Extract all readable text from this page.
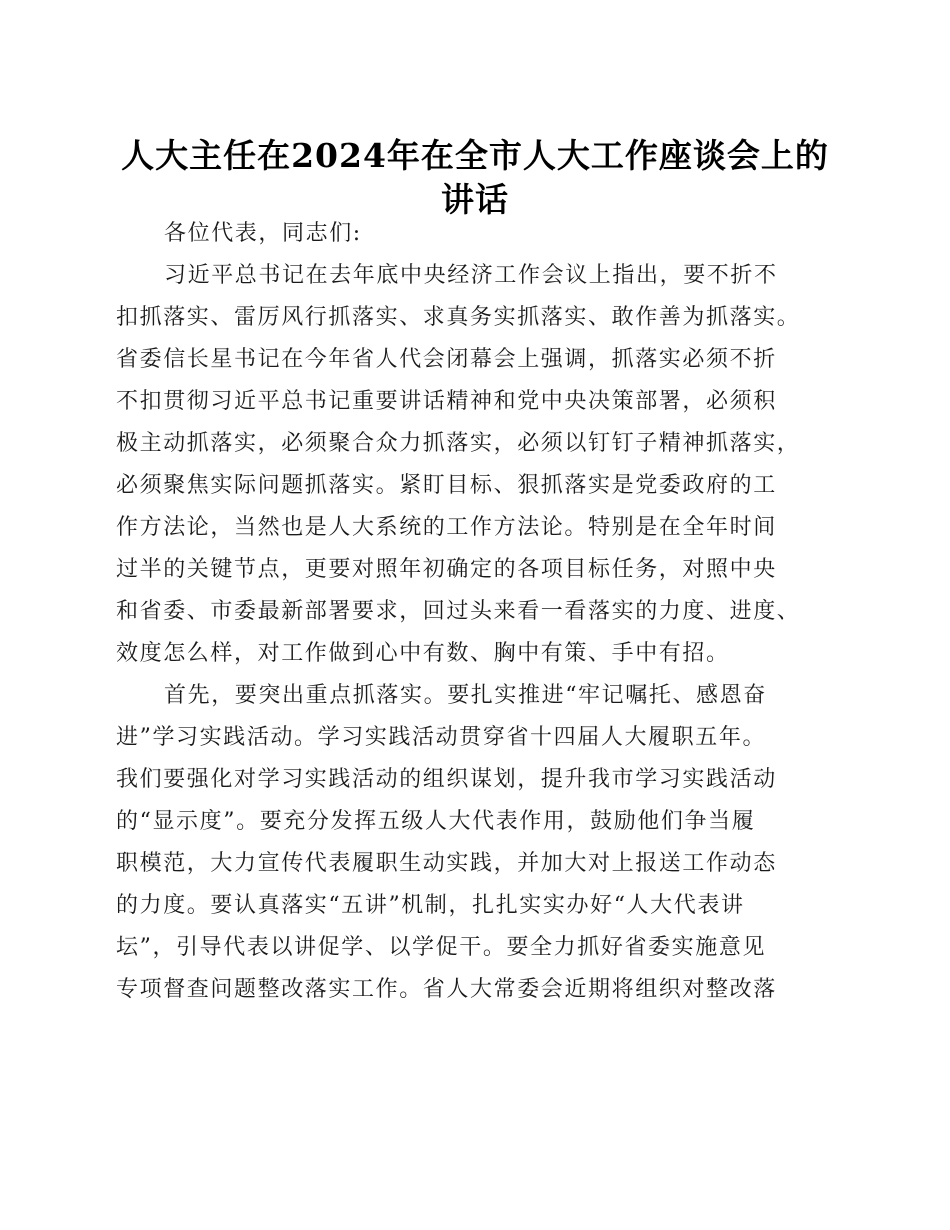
人大主任在2024年在全市人大工作座谈会上的
讲话
各位代表，同志们:
习近平总书记在去年底中央经济工作会议上指出，要不折不
扣抓落实、雷厉风行抓落实、求真务实抓落实、敢作善为抓落实。
省委信长星书记在今年省人代会闭幕会上强调，抓落实必须不折
不扣贯彻习近平总书记重要讲话精神和党中央决策部署，必须积
极主动抓落实，必须聚合众力抓落实，必须以钉钉子精神抓落实，
必须聚焦实际问题抓落实。紧盯目标、狠抓落实是党委政府的工
作方法论，当然也是人大系统的工作方法论。特别是在全年时间
过半的关键节点，更要对照年初确定的各项目标任务，对照中央
和省委、市委最新部署要求，回过头来看一看落实的力度、进度、
效度怎么样，对工作做到心中有数、胸中有策、手中有招。
首先，要突出重点抓落实。要扎实推进“牢记嘱托、感恩奋
进”学习实践活动。学习实践活动贯穿省十四届人大履职五年。
我们要强化对学习实践活动的组织谋划，提升我市学习实践活动
的“显示度”。要充分发挥五级人大代表作用，鼓励他们争当履
职模范，大力宣传代表履职生动实践，并加大对上报送工作动态
的力度。要认真落实“五讲”机制，扎扎实实办好“人大代表讲
坛”，引导代表以讲促学、以学促干。要全力抓好省委实施意见
专项督查问题整改落实工作。省人大常委会近期将组织对整改落
